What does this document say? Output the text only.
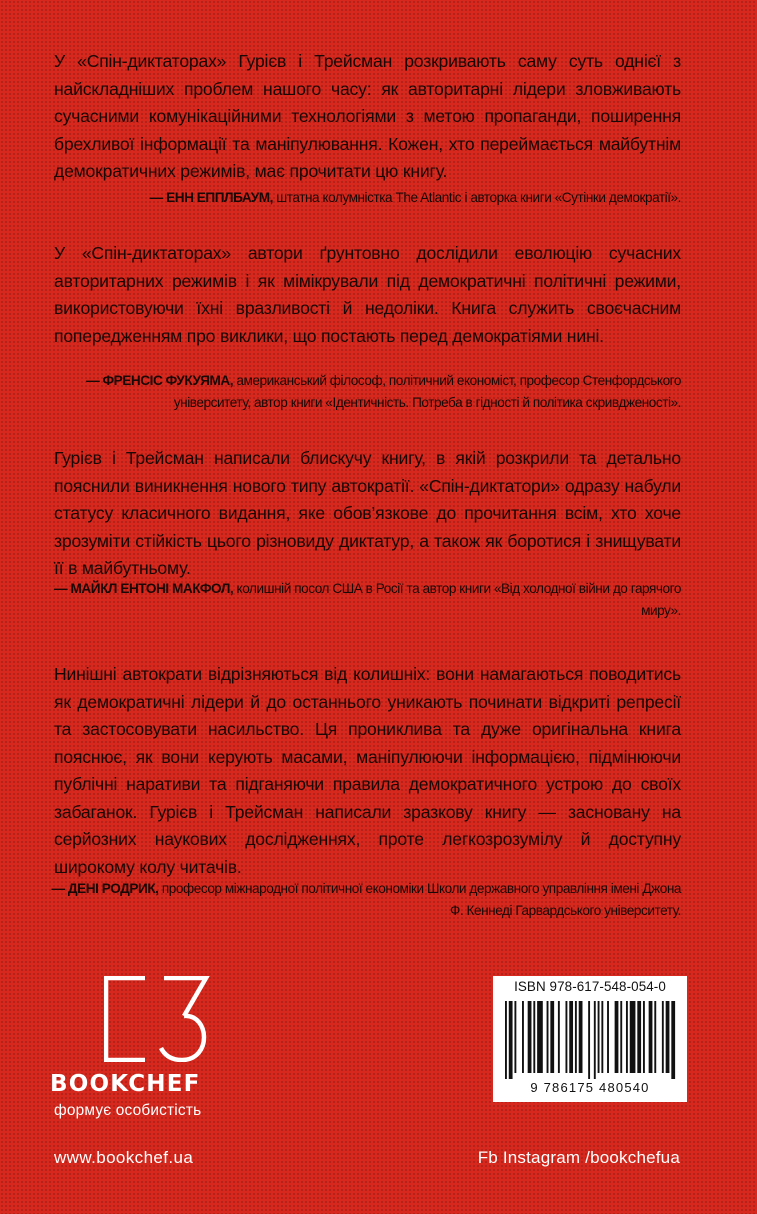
У «Спін-диктаторах» Гурієв і Трейсман розкривають саму суть однієї з найскладніших проблем нашого часу: як авторитарні лідери зловживають сучасними комунікаційними технологіями з метою пропаганди, поширення брехливої інформації та маніпулювання. Кожен, хто переймається майбутнім демократичних режимів, має прочитати цю книгу.

— ЕНН ЕППЛБАУМ, штатна колумністка The Atlantic і авторка книги «Сутінки демократії».

У «Спін-диктаторах» автори ґрунтовно дослідили еволюцію сучасних авторитарних режимів і як мімікрували під демократичні політичні режими, використовуючи їхні вразливості й недоліки. Книга служить своєчасним попередженням про виклики, що постають перед демократіями нині.

— ФРЕНСІС ФУКУЯМА, американський філософ, політичний економіст, професор Стенфордського університету, автор книги «Ідентичність. Потреба в гідності й політика скривдженості».

Гурієв і Трейсман написали блискучу книгу, в якій розкрили та детально пояснили виникнення нового типу автократії. «Спін-диктатори» одразу набули статусу класичного видання, яке обов’язкове до прочитання всім, хто хоче зрозуміти стійкість цього різновиду диктатур, а також як боротися і знищувати її в майбутньому.

— МАЙКЛ ЕНТОНІ МАКФОЛ, колишній посол США в Росії та автор книги «Від холодної війни до гарячого миру».

Нинішні автократи відрізняються від колишніх: вони намагаються поводитись як демократичні лідери й до останнього уникають починати відкриті репресії та застосовувати насильство. Ця прониклива та дуже оригінальна книга пояснює, як вони керують масами, маніпулюючи інформацією, підмінюючи публічні наративи та підганяючи правила демократичного устрою до своїх забаганок. Гурієв і Трейсман написали зразкову книгу — засновану на серйозних наукових дослідженнях, проте легкозрозумілу й доступну широкому колу читачів.

— ДЕНІ РОДРИК, професор міжнародної політичної економіки Школи державного управління імені Джона Ф. Кеннеді Гарвардського університету.

BOOKCHEF

формує особистість

www.bookchef.ua	Fb Instagram /bookchefua

ISBN 978-617-548-054-0

9 786175 480540
